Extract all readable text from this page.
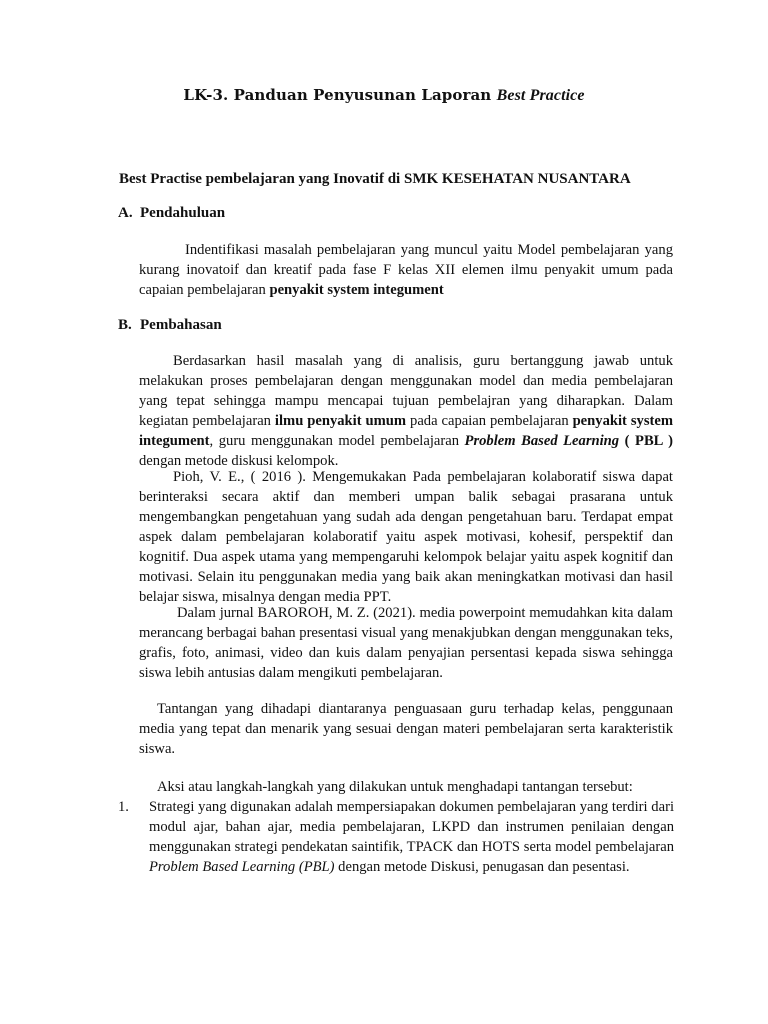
LK-3. Panduan Penyusunan Laporan Best Practice
Best Practise pembelajaran yang Inovatif di SMK KESEHATAN NUSANTARA
A. Pendahuluan
Indentifikasi masalah pembelajaran yang muncul yaitu Model pembelajaran yang kurang inovatoif dan kreatif pada fase F kelas XII elemen ilmu penyakit umum pada capaian pembelajaran penyakit system integument
B. Pembahasan
Berdasarkan hasil masalah yang di analisis, guru bertanggung jawab untuk melakukan proses pembelajaran dengan menggunakan model dan media pembelajaran yang tepat sehingga mampu mencapai tujuan pembelajran yang diharapkan. Dalam kegiatan pembelajaran ilmu penyakit umum pada capaian pembelajaran penyakit system integument, guru menggunakan model pembelajaran Problem Based Learning ( PBL ) dengan metode diskusi kelompok.
Pioh, V. E., ( 2016 ). Mengemukakan Pada pembelajaran kolaboratif siswa dapat berinteraksi secara aktif dan memberi umpan balik sebagai prasarana untuk mengembangkan pengetahuan yang sudah ada dengan pengetahuan baru. Terdapat empat aspek dalam pembelajaran kolaboratif yaitu aspek motivasi, kohesif, perspektif dan kognitif. Dua aspek utama yang mempengaruhi kelompok belajar yaitu aspek kognitif dan motivasi. Selain itu penggunakan media yang baik akan meningkatkan motivasi dan hasil belajar siswa, misalnya dengan media PPT.
Dalam jurnal BAROROH, M. Z. (2021). media powerpoint memudahkan kita dalam merancang berbagai bahan presentasi visual yang menakjubkan dengan menggunakan teks, grafis, foto, animasi, video dan kuis dalam penyajian persentasi kepada siswa sehingga siswa lebih antusias dalam mengikuti pembelajaran.
Tantangan yang dihadapi diantaranya penguasaan guru terhadap kelas, penggunaan media yang tepat dan menarik yang sesuai dengan materi pembelajaran serta karakteristik siswa.
Aksi atau langkah-langkah yang dilakukan untuk menghadapi tantangan tersebut:
1.	Strategi yang digunakan adalah mempersiapakan dokumen pembelajaran yang terdiri dari modul ajar, bahan ajar, media pembelajaran, LKPD dan instrumen penilaian dengan menggunakan strategi pendekatan saintifik, TPACK dan HOTS serta model pembelajaran Problem Based Learning (PBL) dengan metode Diskusi, penugasan dan pesentasi.
